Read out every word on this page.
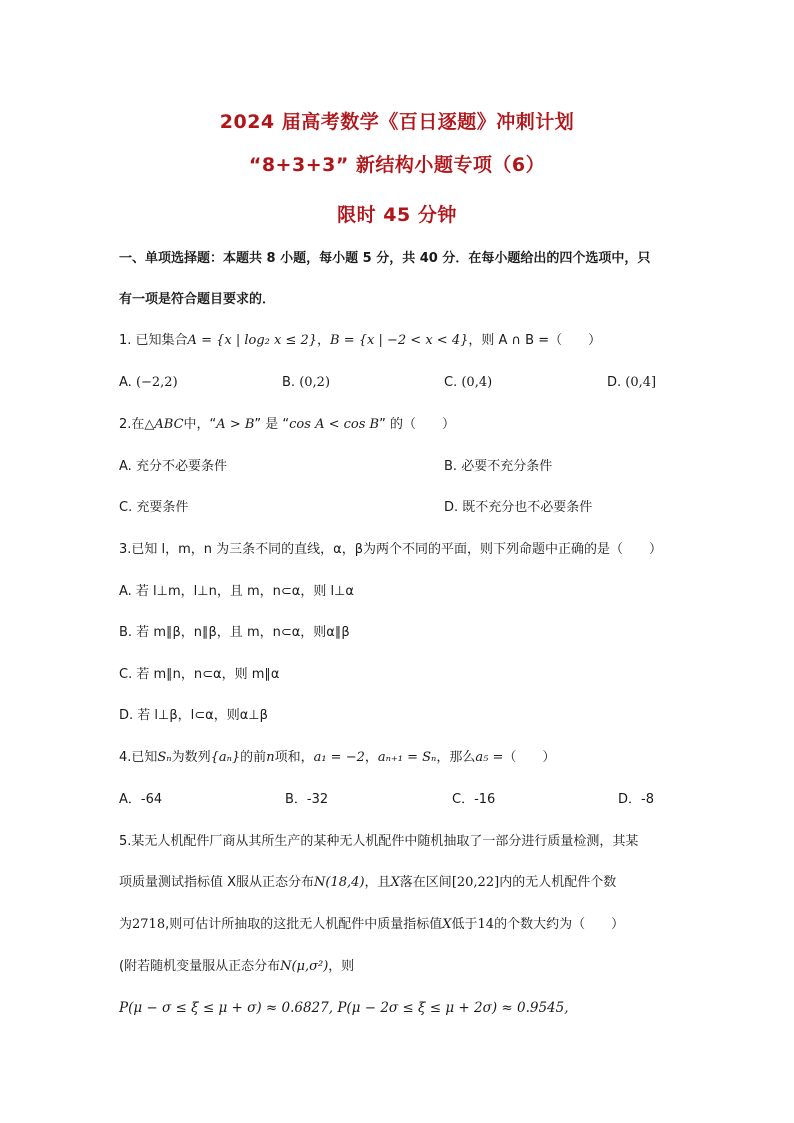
2024 届高考数学《百日逐题》冲刺计划
“8+3+3” 新结构小题专项（6）
限时 45 分钟
一、单项选择题：本题共 8 小题，每小题 5 分，共 40 分．在每小题给出的四个选项中，只
有一项是符合题目要求的．
1. 已知集合A = {x | log₂ x ≤ 2}，B = {x | −2 < x < 4}，则 A ∩ B =（　　）
A. (−2,2)	B. (0,2)	C. (0,4)	D. (0,4]
2.在△ABC中，“A > B” 是 “cos A < cos B” 的（　　）
A. 充分不必要条件	B. 必要不充分条件
C. 充要条件	D. 既不充分也不必要条件
3.已知 l，m，n 为三条不同的直线，α，β为两个不同的平面，则下列命题中正确的是（　　）
A. 若 l⊥m，l⊥n，且 m，n⊂α，则 l⊥α
B. 若 m∥β，n∥β，且 m，n⊂α，则α∥β
C. 若 m∥n，n⊂α，则 m∥α
D. 若 l⊥β，l⊂α，则α⊥β
4.已知Sₙ为数列{aₙ}的前n项和，a₁ = −2，aₙ₊₁ = Sₙ，那么a₅ =（　　）
A．-64	B．-32	C．-16	D．-8
5.某无人机配件厂商从其所生产的某种无人机配件中随机抽取了一部分进行质量检测，其某
项质量测试指标值 X服从正态分布N(18,4)，且X落在区间[20,22]内的无人机配件个数
为2718,则可估计所抽取的这批无人机配件中质量指标值X低于14的个数大约为（　　）
(附若随机变量服从正态分布N(μ,σ²)，则
P(μ − σ ≤ ξ ≤ μ + σ) ≈ 0.6827, P(μ − 2σ ≤ ξ ≤ μ + 2σ) ≈ 0.9545,
